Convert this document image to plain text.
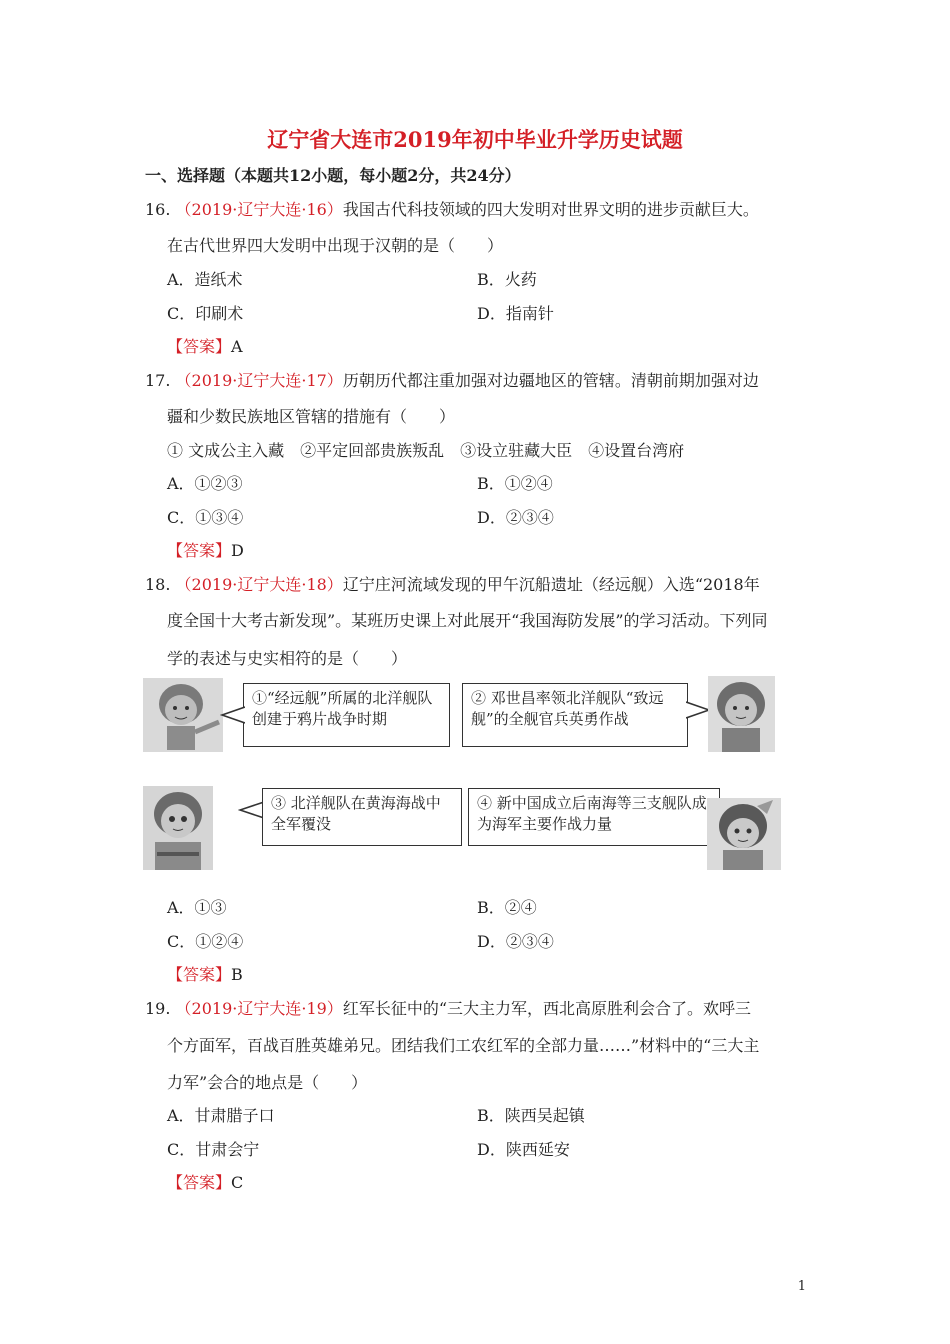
辽宁省大连市2019年初中毕业升学历史试题
一、选择题（本题共12小题，每小题2分，共24分）
16. （2019·辽宁大连·16）我国古代科技领域的四大发明对世界文明的进步贡献巨大。
在古代世界四大发明中出现于汉朝的是（　　）
A．造纸术	B．火药
C．印刷术	D．指南针
【答案】A
17. （2019·辽宁大连·17）历朝历代都注重加强对边疆地区的管辖。清朝前期加强对边
疆和少数民族地区管辖的措施有（　　）
① 文成公主入藏　②平定回部贵族叛乱　③设立驻藏大臣　④设置台湾府
A．①②③	B．①②④
C．①③④	D．②③④
【答案】D
18. （2019·辽宁大连·18）辽宁庄河流域发现的甲午沉船遗址（经远舰）入选“2018年
度全国十大考古新发现”。某班历史课上对此展开“我国海防发展”的学习活动。下列同
学的表述与史实相符的是（　　）
①“经远舰”所属的北洋舰队创建于鸦片战争时期
② 邓世昌率领北洋舰队“致远舰”的全舰官兵英勇作战
③ 北洋舰队在黄海海战中全军覆没
④ 新中国成立后南海等三支舰队成为海军主要作战力量
A．①③	B．②④
C．①②④	D．②③④
【答案】B
19. （2019·辽宁大连·19）红军长征中的“三大主力军，西北高原胜利会合了。欢呼三
个方面军，百战百胜英雄弟兄。团结我们工农红军的全部力量……”材料中的“三大主
力军”会合的地点是（　　）
A．甘肃腊子口	B．陕西吴起镇
C．甘肃会宁	D．陕西延安
【答案】C
1
